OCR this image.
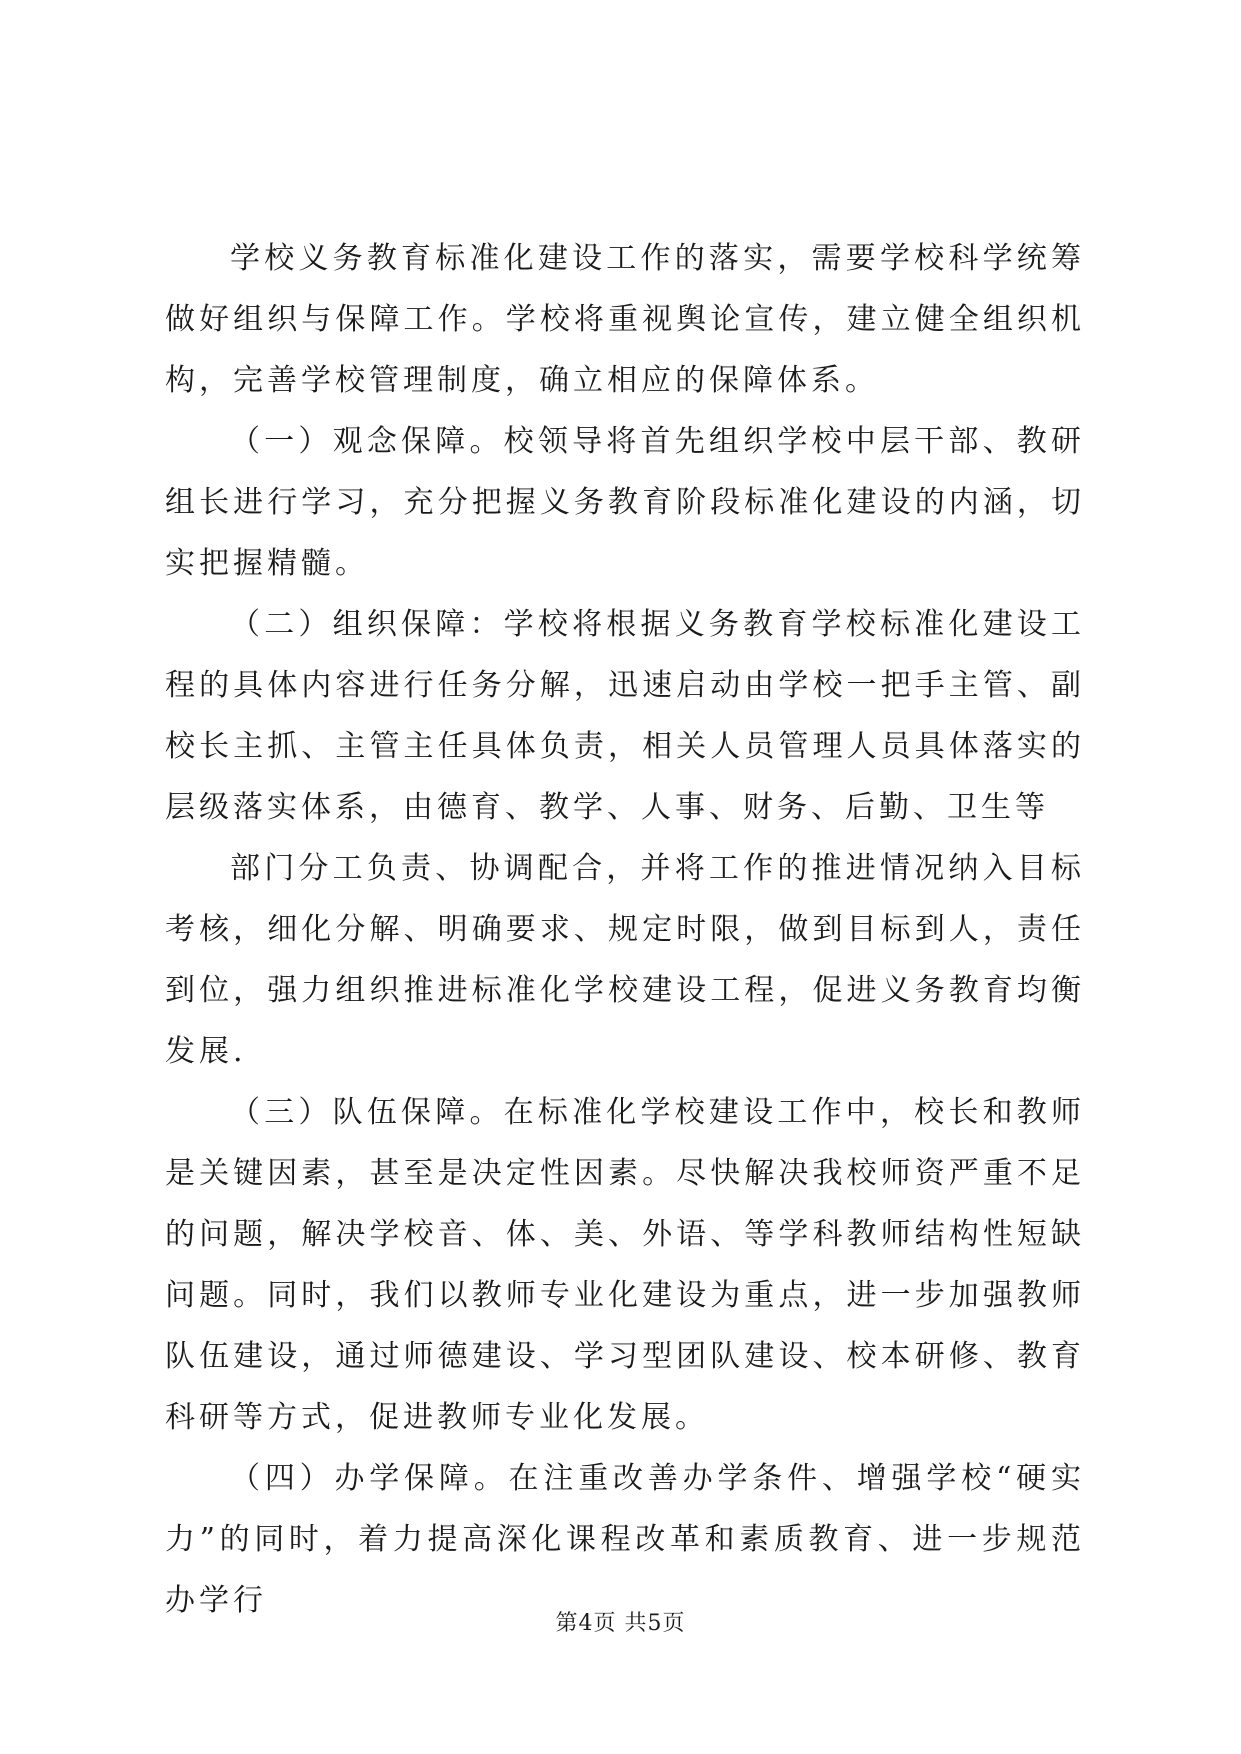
学校义务教育标准化建设工作的落实，需要学校科学统筹做好组织与保障工作。学校将重视舆论宣传，建立健全组织机构，完善学校管理制度，确立相应的保障体系。

（一）观念保障。校领导将首先组织学校中层干部、教研组长进行学习，充分把握义务教育阶段标准化建设的内涵，切实把握精髓。

（二）组织保障：学校将根据义务教育学校标准化建设工程的具体内容进行任务分解，迅速启动由学校一把手主管、副校长主抓、主管主任具体负责，相关人员管理人员具体落实的层级落实体系，由德育、教学、人事、财务、后勤、卫生等

部门分工负责、协调配合，并将工作的推进情况纳入目标考核，细化分解、明确要求、规定时限，做到目标到人，责任到位，强力组织推进标准化学校建设工程，促进义务教育均衡发展.

（三）队伍保障。在标准化学校建设工作中，校长和教师是关键因素，甚至是决定性因素。尽快解决我校师资严重不足的问题，解决学校音、体、美、外语、等学科教师结构性短缺问题。同时，我们以教师专业化建设为重点，进一步加强教师队伍建设，通过师德建设、学习型团队建设、校本研修、教育科研等方式，促进教师专业化发展。

（四）办学保障。在注重改善办学条件、增强学校“硬实力”的同时，着力提高深化课程改革和素质教育、进一步规范办学行

第4页 共5页
